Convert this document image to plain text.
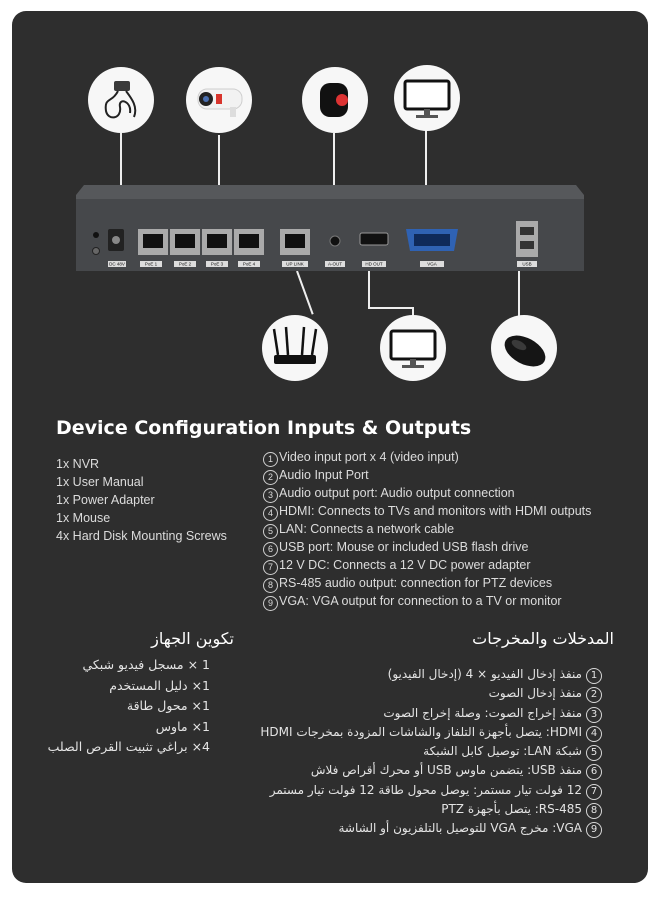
DC 48V	PoE 1	PoE 2	PoE 3	PoE 4	UP LINK	A-OUT	HD OUT	VGA	USB
Device Configuration Inputs & Outputs
1x NVR
1x User Manual
1x Power Adapter
1x Mouse
4x Hard Disk Mounting Screws
1 Video input port x 4 (video input)
2 Audio Input Port
3 Audio output port: Audio output connection
4 HDMI: Connects to TVs and monitors with HDMI outputs
5 LAN: Connects a network cable
6 USB port: Mouse or included USB flash drive
7 12 V DC: Connects a 12 V DC power adapter
8 RS-485 audio output: connection for PTZ devices
9 VGA: VGA output for connection to a TV or monitor
تكوين الجهاز	المدخلات والمخرجات
1 × مسجل فيديو شبكي
1× دليل المستخدم
1× محول طاقة
1× ماوس
4× براغي تثبيت القرص الصلب
1منفذ إدخال الفيديو × 4 (إدخال الفيديو)
2منفذ إدخال الصوت
3منفذ إخراج الصوت: وصلة إخراج الصوت
4HDMI: يتصل بأجهزة التلفاز والشاشات المزودة بمخرجات HDMI
5شبكة LAN: توصيل كابل الشبكة
6منفذ USB: يتضمن ماوس USB أو محرك أقراص فلاش
712 فولت تيار مستمر: يوصل محول طاقة 12 فولت تيار مستمر
8RS-485: يتصل بأجهزة PTZ
9VGA: مخرج VGA للتوصيل بالتلفزيون أو الشاشة
